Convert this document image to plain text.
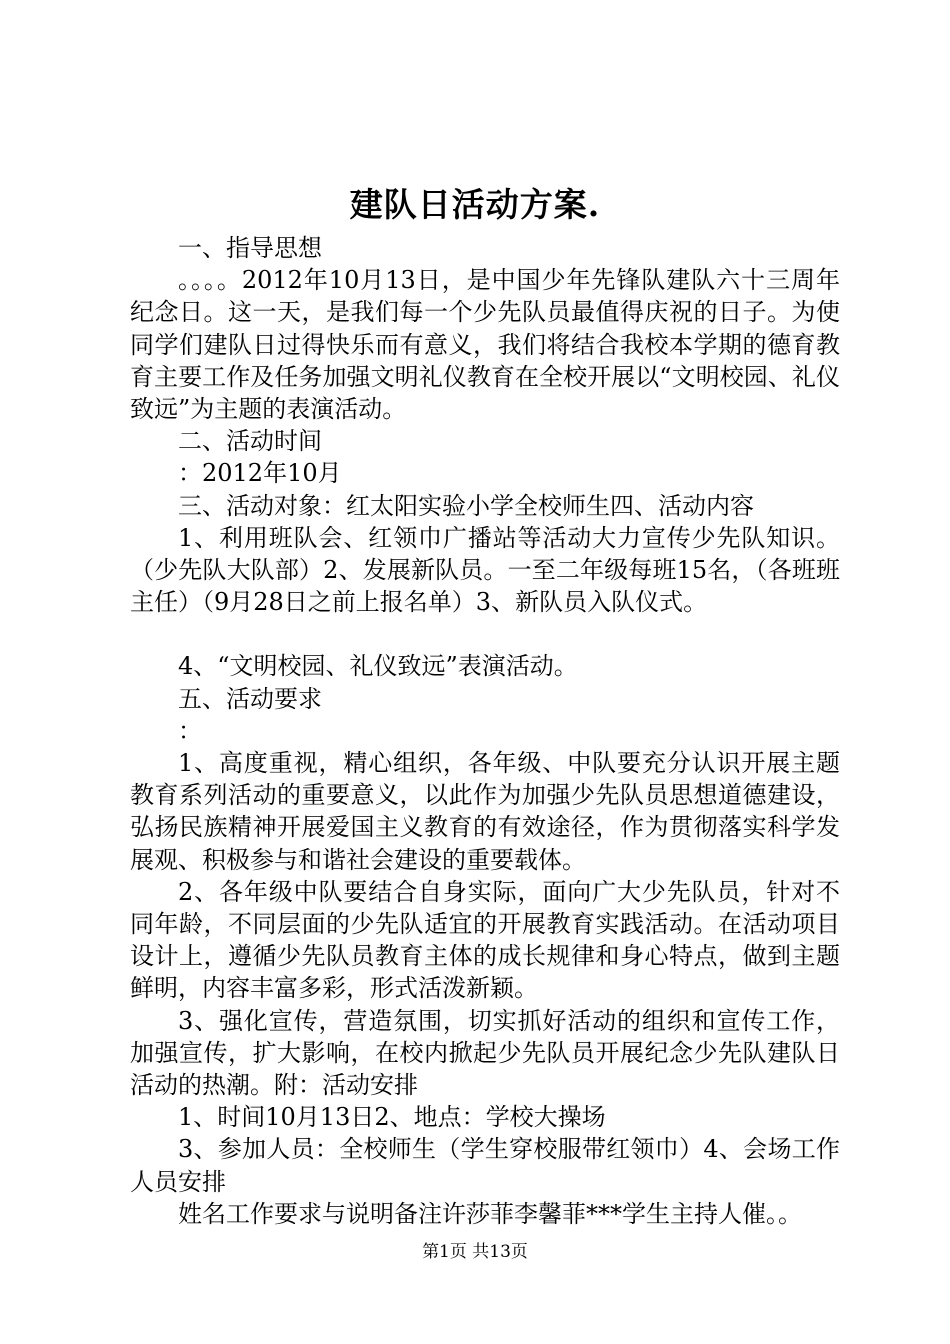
建队日活动方案.

一、指导思想

。。。。2012年10月13日，是中国少年先锋队建队六十三周年纪念日。这一天，是我们每一个少先队员最值得庆祝的日子。为使同学们建队日过得快乐而有意义，我们将结合我校本学期的德育教育主要工作及任务加强文明礼仪教育在全校开展以“文明校园、礼仪致远”为主题的表演活动。

二、活动时间

：2012年10月

三、活动对象：红太阳实验小学全校师生四、活动内容

1、利用班队会、红领巾广播站等活动大力宣传少先队知识。（少先队大队部）2、发展新队员。一至二年级每班15名，（各班班主任）（9月28日之前上报名单）3、新队员入队仪式。

4、“文明校园、礼仪致远”表演活动。

五、活动要求

：

1、高度重视，精心组织，各年级、中队要充分认识开展主题教育系列活动的重要意义，以此作为加强少先队员思想道德建设，弘扬民族精神开展爱国主义教育的有效途径，作为贯彻落实科学发展观、积极参与和谐社会建设的重要载体。

2、各年级中队要结合自身实际，面向广大少先队员，针对不同年龄，不同层面的少先队适宜的开展教育实践活动。在活动项目设计上，遵循少先队员教育主体的成长规律和身心特点，做到主题鲜明，内容丰富多彩，形式活泼新颖。

3、强化宣传，营造氛围，切实抓好活动的组织和宣传工作，加强宣传，扩大影响，在校内掀起少先队员开展纪念少先队建队日活动的热潮。附：活动安排

1、时间10月13日2、地点：学校大操场

3、参加人员：全校师生（学生穿校服带红领巾）4、会场工作人员安排

姓名工作要求与说明备注许莎菲李馨菲***学生主持人催。。

第1页 共13页
